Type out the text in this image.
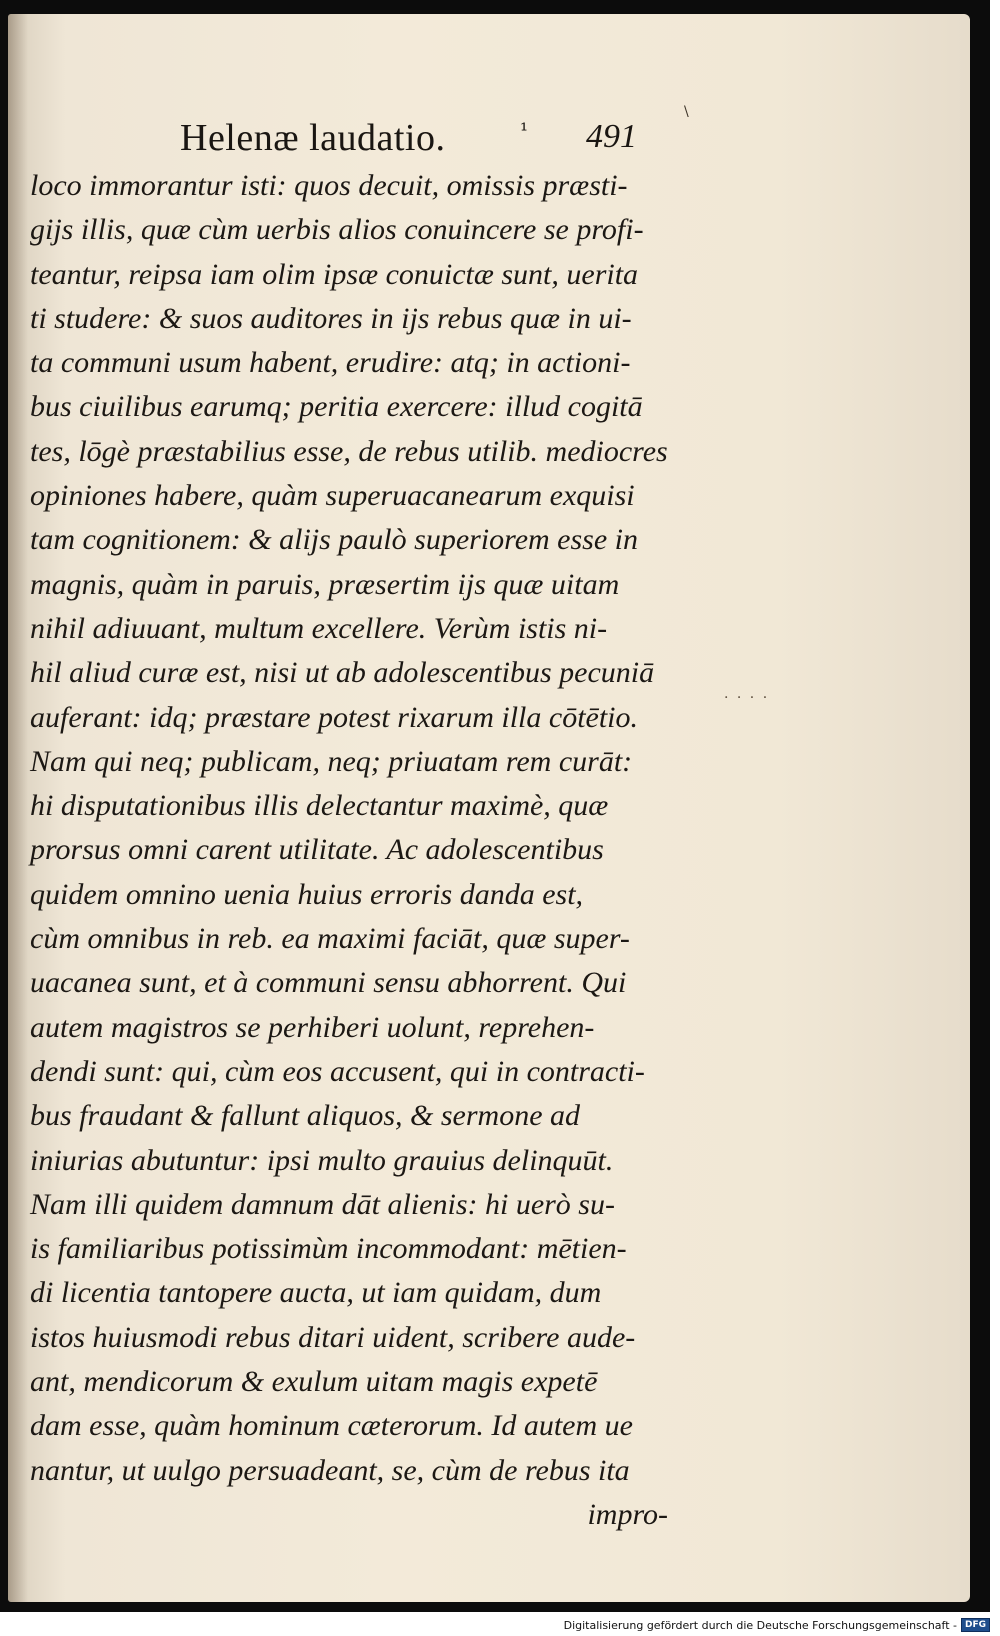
Helenæ laudatio.	¹ 491
\
· · · ·
loco immorantur isti: quos decuit, omissis præsti-
gijs illis, quæ cùm uerbis alios conuincere se profi-
teantur, reipsa iam olim ipsæ conuictæ sunt, uerita
ti studere: & suos auditores in ijs rebus quæ in ui-
ta communi usum habent, erudire: atq; in actioni-
bus ciuilibus earumq; peritia exercere: illud cogitā
tes, lōgè præstabilius esse, de rebus utilib. mediocres
opiniones habere, quàm superuacanearum exquisi
tam cognitionem: & alijs paulò superiorem esse in
magnis, quàm in paruis, præsertim ijs quæ uitam
nihil adiuuant, multum excellere. Verùm istis ni-
hil aliud curæ est, nisi ut ab adolescentibus pecuniā
auferant: idq; præstare potest rixarum illa cōtētio.
Nam qui neq; publicam, neq; priuatam rem curāt:
hi disputationibus illis delectantur maximè, quæ
prorsus omni carent utilitate. Ac adolescentibus
quidem omnino uenia huius erroris danda est,
cùm omnibus in reb. ea maximi faciāt, quæ super-
uacanea sunt, et à communi sensu abhorrent. Qui
autem magistros se perhiberi uolunt, reprehen-
dendi sunt: qui, cùm eos accusent, qui in contracti-
bus fraudant & fallunt aliquos, & sermone ad
iniurias abutuntur: ipsi multo grauius delinquūt.
Nam illi quidem damnum dāt alienis: hi uerò su-
is familiaribus potissimùm incommodant: mētien-
di licentia tantopere aucta, ut iam quidam, dum
istos huiusmodi rebus ditari uident, scribere aude-
ant, mendicorum & exulum uitam magis expetē
dam esse, quàm hominum cæterorum. Id autem ue
nantur, ut uulgo persuadeant, se, cùm de rebus ita
impro-
Digitalisierung gefördert durch die Deutsche Forschungsgemeinschaft - DFG
